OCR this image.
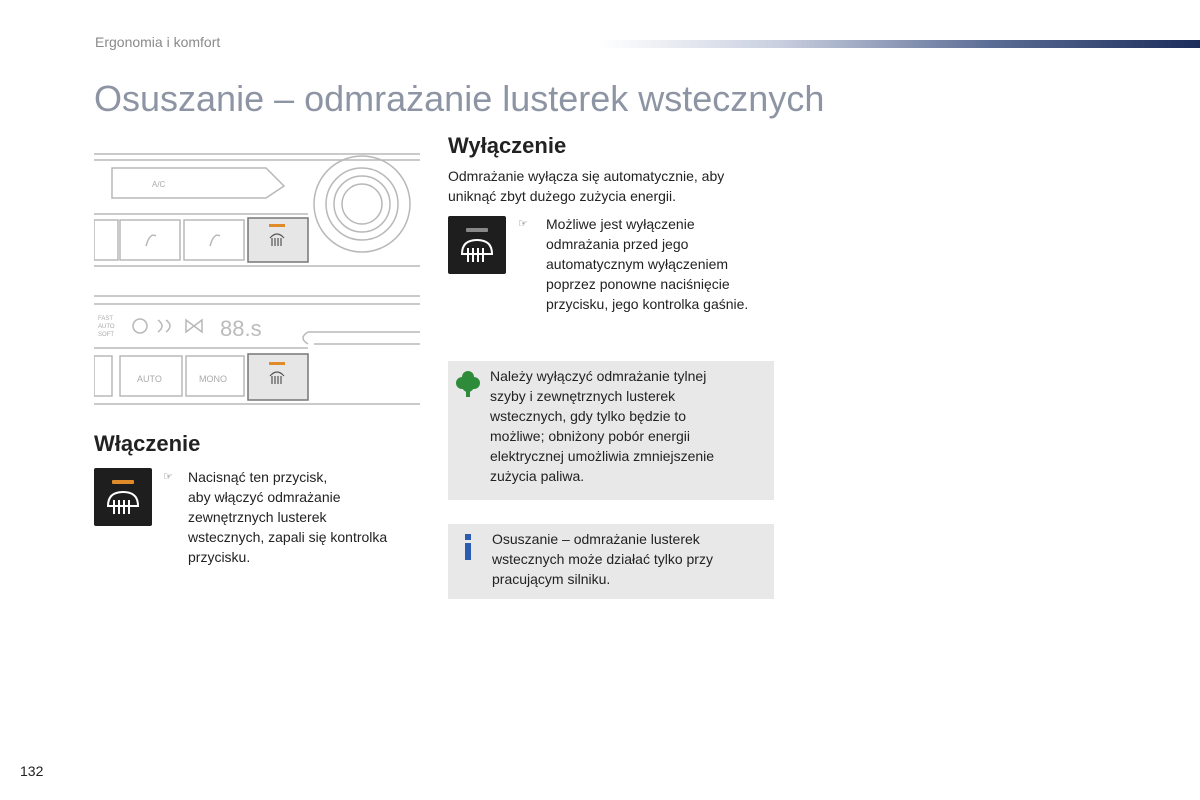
Ergonomia i komfort
Osuszanie – odmrażanie lusterek wstecznych
A/C
FAST
AUTO
SOFT	88.s
AUTO	MONO
Włączenie
☞ Nacisnąć ten przycisk,
aby włączyć odmrażanie
zewnętrznych lusterek
wstecznych, zapali się kontrolka
przycisku.
Wyłączenie
Odmrażanie wyłącza się automatycznie, aby
uniknąć zbyt dużego zużycia energii.
☞ Możliwe jest wyłączenie
odmrażania przed jego
automatycznym wyłączeniem
poprzez ponowne naciśnięcie
przycisku, jego kontrolka gaśnie.
Należy wyłączyć odmrażanie tylnej
szyby i zewnętrznych lusterek
wstecznych, gdy tylko będzie to
możliwe; obniżony pobór energii
elektrycznej umożliwia zmniejszenie
zużycia paliwa.
Osuszanie – odmrażanie lusterek
wstecznych może działać tylko przy
pracującym silniku.
132
